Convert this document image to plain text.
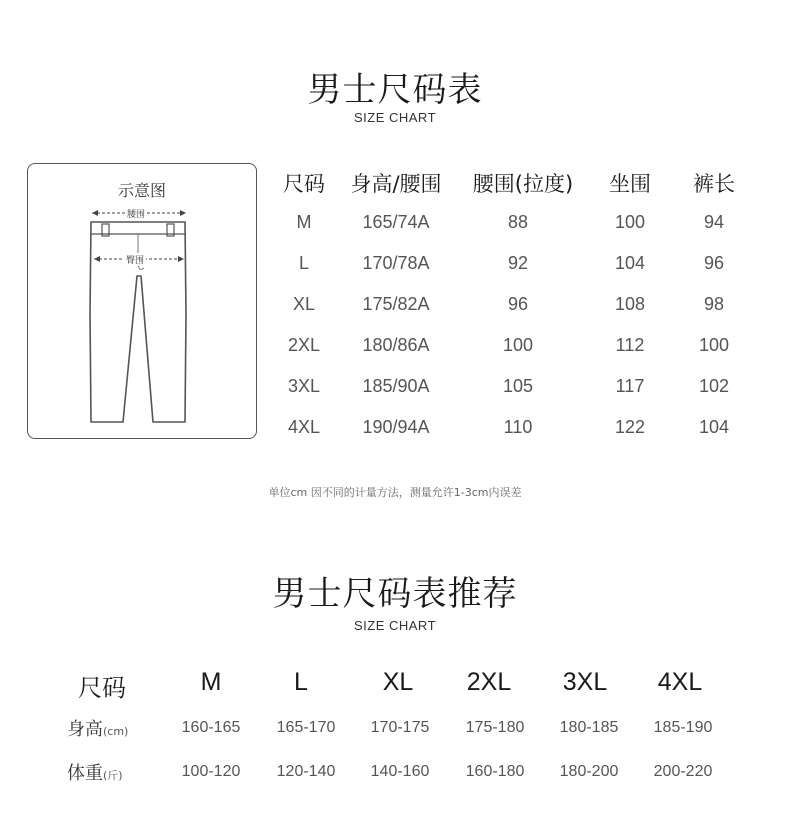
男士尺码表
SIZE CHART
示意图
腰围
臀围
尺码	身高/腰围	腰围(拉度)	坐围	裤长
M	165/74A	88	100	94
L	170/78A	92	104	96
XL	175/82A	96	108	98
2XL	180/86A	100	112	100
3XL	185/90A	105	117	102
4XL	190/94A	110	122	104
单位cm 因不同的计量方法，测量允许1-3cm内误差
男士尺码表推荐
SIZE CHART
尺码	M	L	XL	2XL	3XL	4XL
身高(cm)	160-165	165-170	170-175	175-180	180-185	185-190
体重(斤)	100-120	120-140	140-160	160-180	180-200	200-220
